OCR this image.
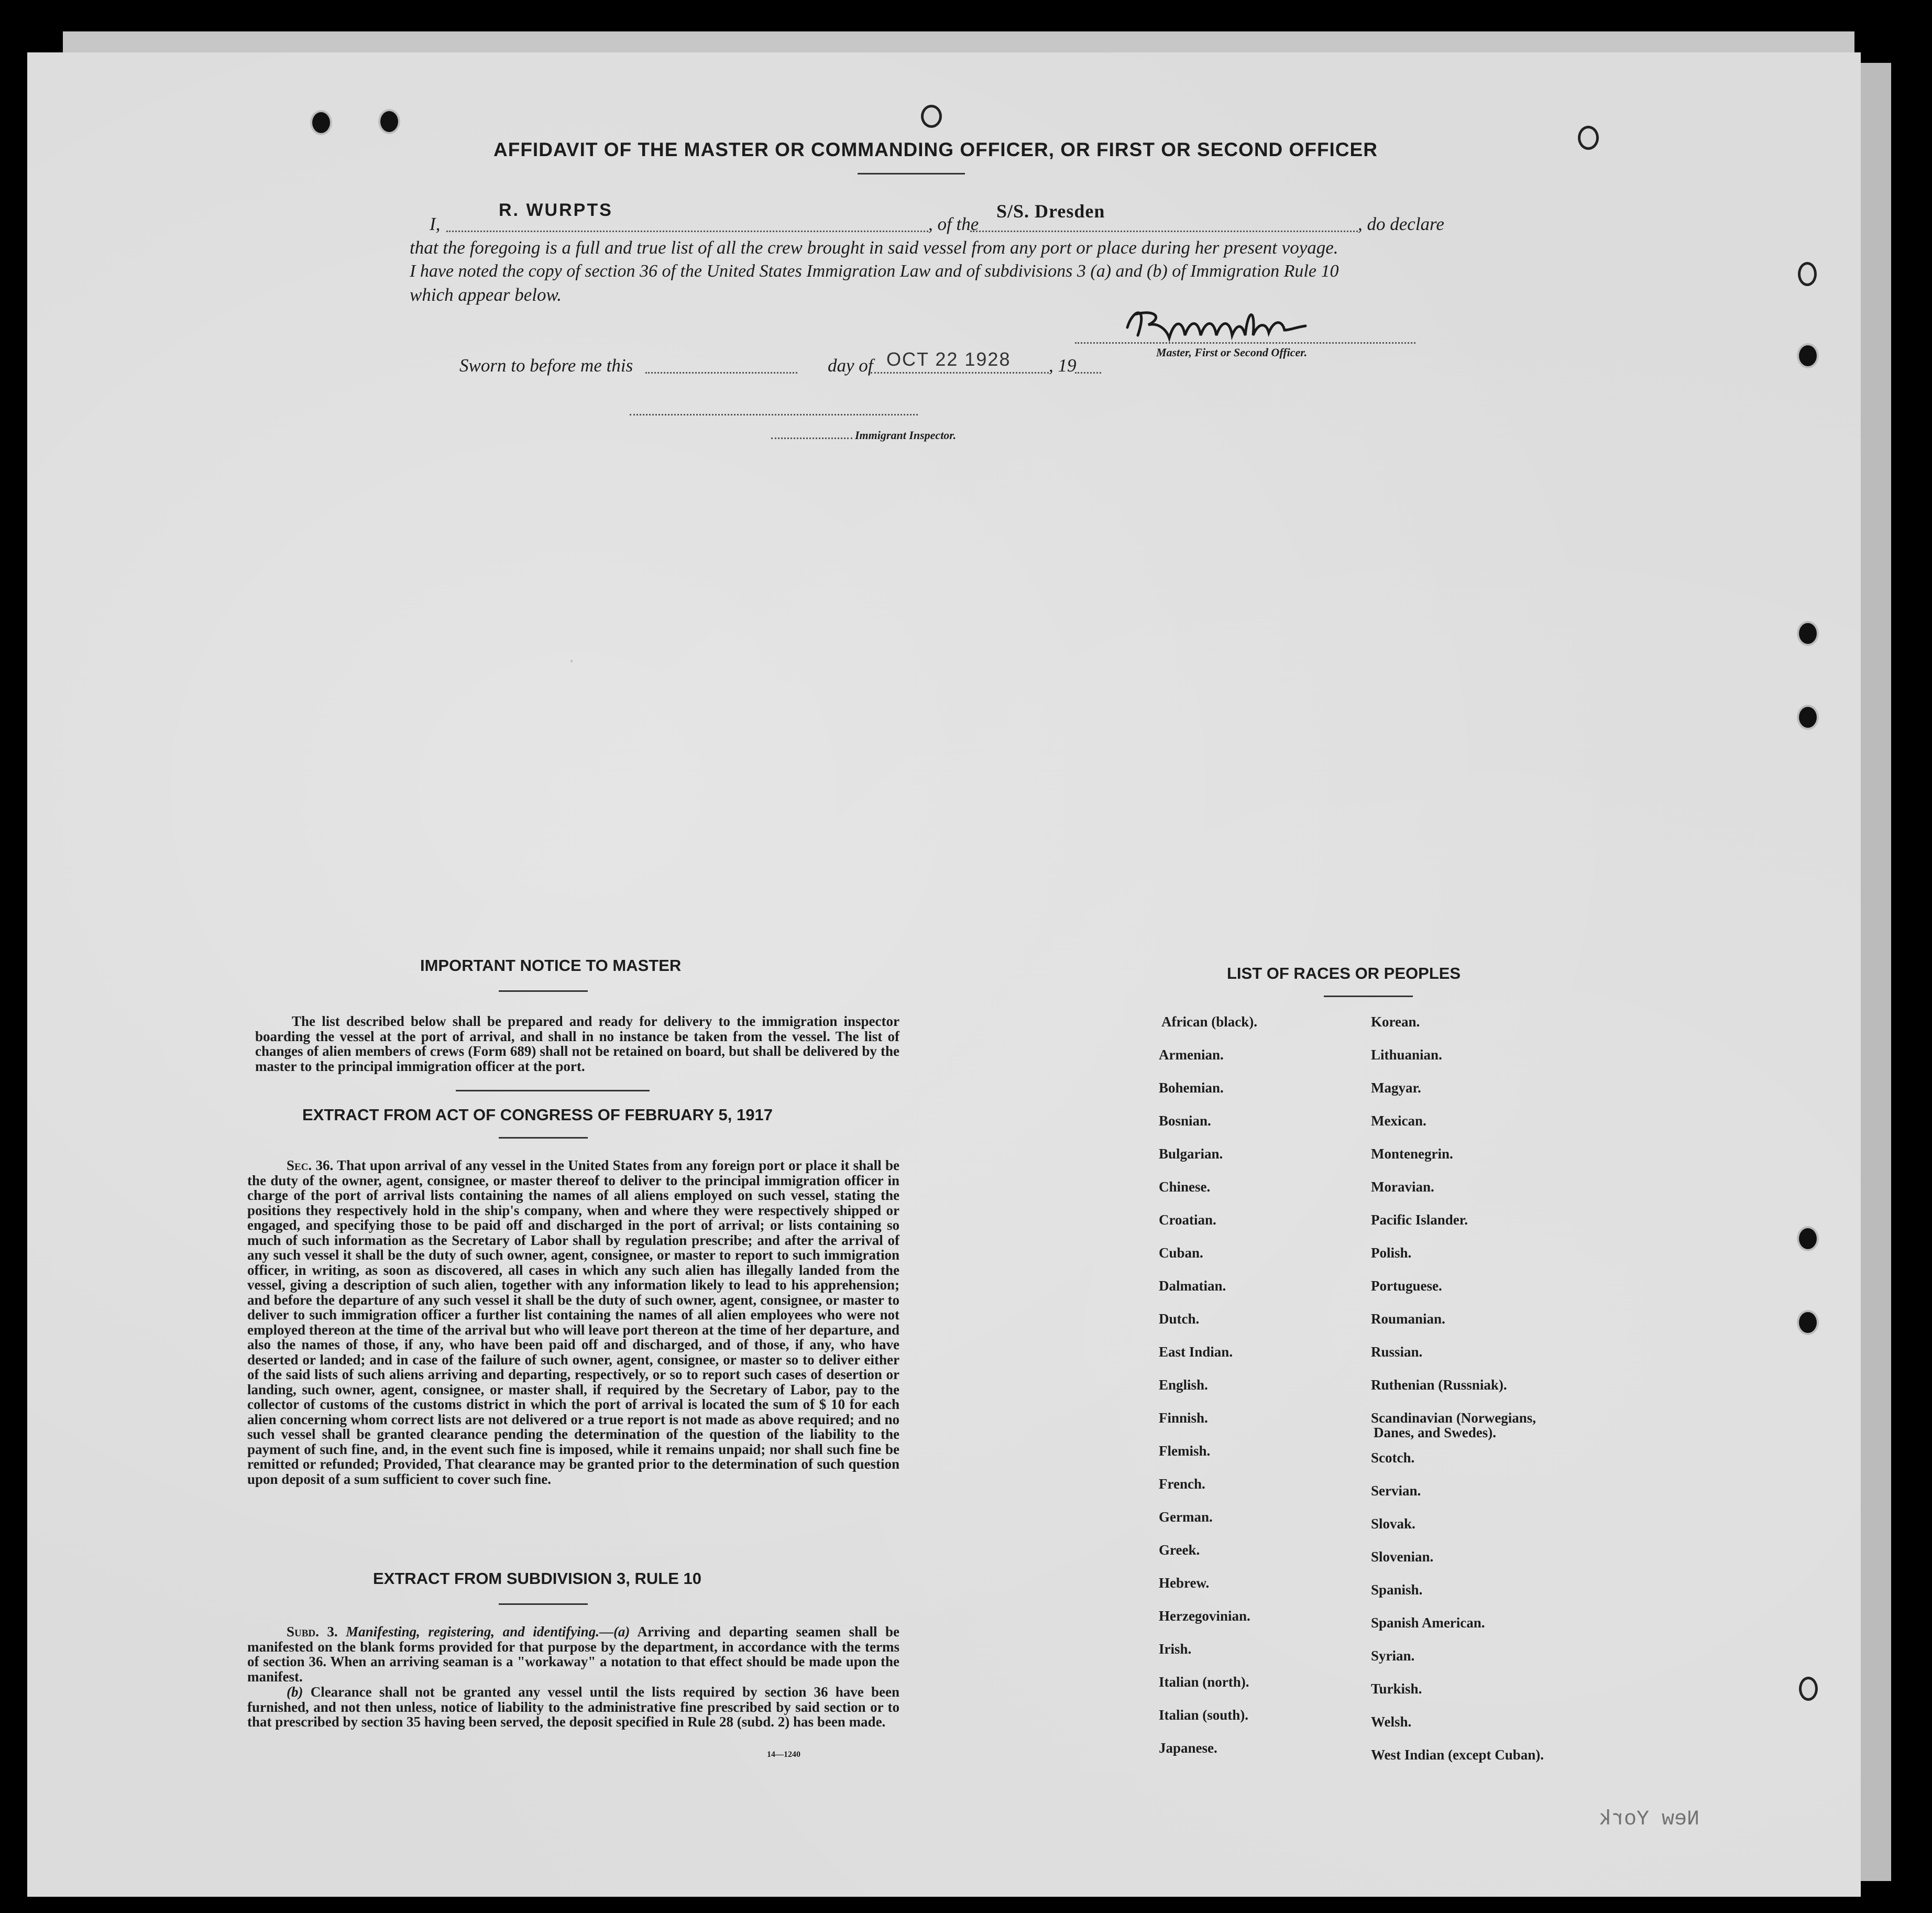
.
New York
AFFIDAVIT OF THE MASTER OR COMMANDING OFFICER, OR FIRST OR SECOND OFFICER
I,
R. WURPTS
, of the
S/S. Dresden
, do declare
that the foregoing is a full and true list of all the crew brought in said vessel from any port or place during her present voyage.
I have noted the copy of section 36 of the United States Immigration Law and of subdivisions 3 (a) and (b) of Immigration Rule 10
which appear below.
Master, First or Second Officer.
Sworn to before me this	day of OCT 22 1928 , 19
Immigrant Inspector.
IMPORTANT NOTICE TO MASTER
The list described below shall be prepared and ready for delivery to the immigration inspector boarding the vessel at the port of arrival, and shall in no instance be taken from the vessel. The list of changes of alien members of crews (Form 689) shall not be retained on board, but shall be delivered by the master to the principal immigration officer at the port.
EXTRACT FROM ACT OF CONGRESS OF FEBRUARY 5, 1917
Sec. 36. That upon arrival of any vessel in the United States from any foreign port or place it shall be the duty of the owner, agent, consignee, or master thereof to deliver to the principal immigration officer in charge of the port of arrival lists containing the names of all aliens employed on such vessel, stating the positions they respectively hold in the ship's company, when and where they were respectively shipped or engaged, and specifying those to be paid off and discharged in the port of arrival; or lists containing so much of such information as the Secretary of Labor shall by regulation prescribe; and after the arrival of any such vessel it shall be the duty of such owner, agent, consignee, or master to report to such immigration officer, in writing, as soon as discovered, all cases in which any such alien has illegally landed from the vessel, giving a description of such alien, together with any information likely to lead to his apprehension; and before the departure of any such vessel it shall be the duty of such owner, agent, consignee, or master to deliver to such immigration officer a further list containing the names of all alien employees who were not employed thereon at the time of the arrival but who will leave port thereon at the time of her departure, and also the names of those, if any, who have been paid off and discharged, and of those, if any, who have deserted or landed; and in case of the failure of such owner, agent, consignee, or master so to deliver either of the said lists of such aliens arriving and departing, respectively, or so to report such cases of desertion or landing, such owner, agent, consignee, or master shall, if required by the Secretary of Labor, pay to the collector of customs of the customs district in which the port of arrival is located the sum of $ 10 for each alien concerning whom correct lists are not delivered or a true report is not made as above required; and no such vessel shall be granted clearance pending the determination of the question of the liability to the payment of such fine, and, in the event such fine is imposed, while it remains unpaid; nor shall such fine be remitted or refunded; Provided, That clearance may be granted prior to the determination of such question upon deposit of a sum sufficient to cover such fine.
EXTRACT FROM SUBDIVISION 3, RULE 10
Subd. 3. Manifesting, registering, and identifying.—(a) Arriving and departing seamen shall be manifested on the blank forms provided for that purpose by the department, in accordance with the terms of section 36. When an arriving seaman is a "workaway" a notation to that effect should be made upon the manifest.
(b) Clearance shall not be granted any vessel until the lists required by section 36 have been furnished, and not then unless, notice of liability to the administrative fine prescribed by said section or to that prescribed by section 35 having been served, the deposit specified in Rule 28 (subd. 2) has been made.
14—1240
LIST OF RACES OR PEOPLES
African (black).
Armenian.
Bohemian.
Bosnian.
Bulgarian.
Chinese.
Croatian.
Cuban.
Dalmatian.
Dutch.
East Indian.
English.
Finnish.
Flemish.
French.
German.
Greek.
Hebrew.
Herzegovinian.
Irish.
Italian (north).
Italian (south).
Japanese.
Korean.
Lithuanian.
Magyar.
Mexican.
Montenegrin.
Moravian.
Pacific Islander.
Polish.
Portuguese.
Roumanian.
Russian.
Ruthenian (Russniak).
Scandinavian (Norwegians,
Danes, and Swedes).
Scotch.
Servian.
Slovak.
Slovenian.
Spanish.
Spanish American.
Syrian.
Turkish.
Welsh.
West Indian (except Cuban).
